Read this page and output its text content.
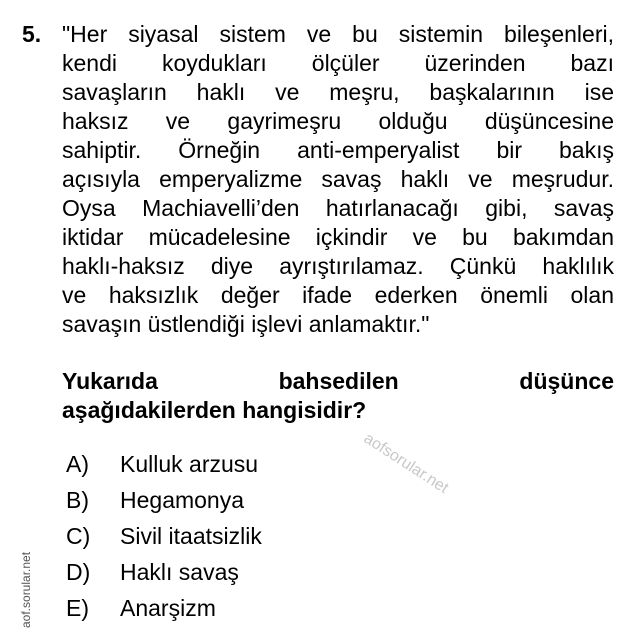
5. "Her siyasal sistem ve bu sistemin bileşenleri,
kendi koydukları ölçüler üzerinden bazı
savaşların haklı ve meşru, başkalarının ise
haksız ve gayrimeşru olduğu düşüncesine
sahiptir. Örneğin anti-emperyalist bir bakış
açısıyla emperyalizme savaş haklı ve meşrudur.
Oysa Machiavelli’den hatırlanacağı gibi, savaş
iktidar mücadelesine içkindir ve bu bakımdan
haklı-haksız diye ayrıştırılamaz. Çünkü haklılık
ve haksızlık değer ifade ederken önemli olan
savaşın üstlendiği işlevi anlamaktır."
Yukarıda bahsedilen düşünce
aşağıdakilerden hangisidir?
A)	Kulluk arzusu
B)	Hegamonya
C)	Sivil itaatsizlik
D)	Haklı savaş
E)	Anarşizm
aofsorular.net
aof.sorular.net
